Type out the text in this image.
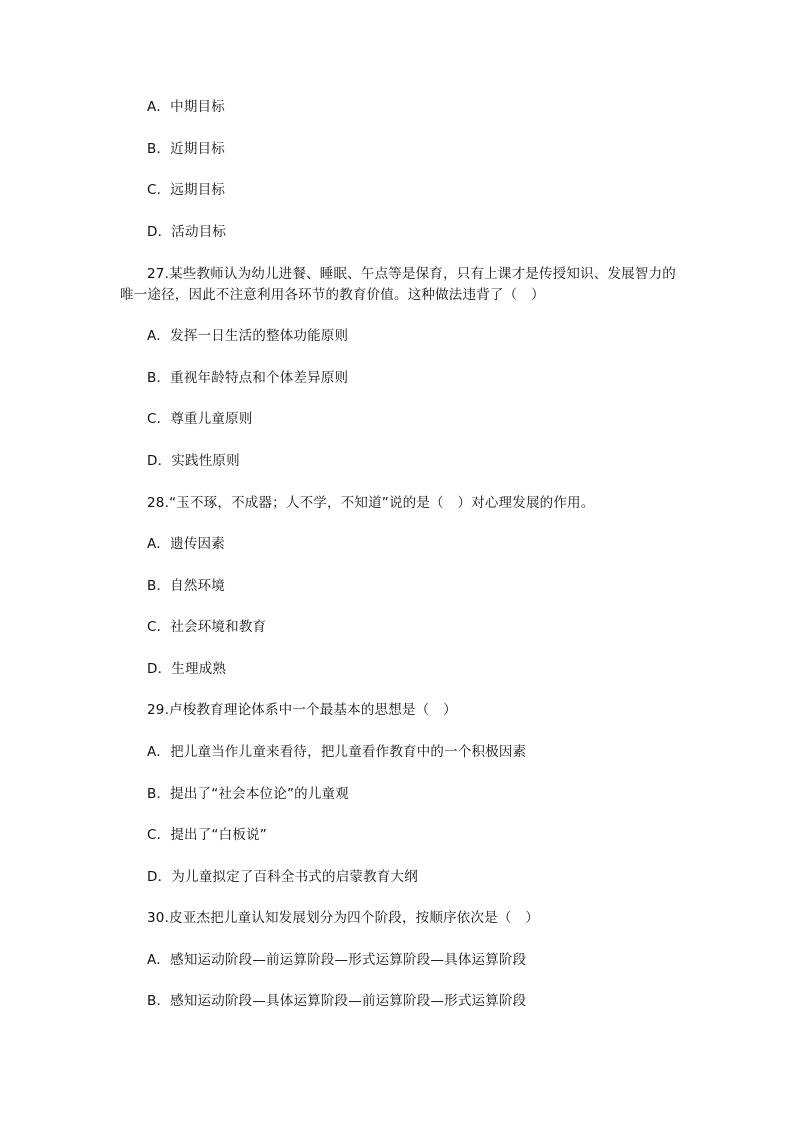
A．中期目标
B．近期目标
C．远期目标
D．活动目标
27.某些教师认为幼儿进餐、睡眠、午点等是保育，只有上课才是传授知识、发展智力的唯一途径，因此不注意利用各环节的教育价值。这种做法违背了（　）
A．发挥一日生活的整体功能原则
B．重视年龄特点和个体差异原则
C．尊重儿童原则
D．实践性原则
28.“玉不琢，不成器；人不学，不知道”说的是（　）对心理发展的作用。
A．遗传因素
B．自然环境
C．社会环境和教育
D．生理成熟
29.卢梭教育理论体系中一个最基本的思想是（　）
A．把儿童当作儿童来看待，把儿童看作教育中的一个积极因素
B．提出了“社会本位论”的儿童观
C．提出了“白板说”
D．为儿童拟定了百科全书式的启蒙教育大纲
30.皮亚杰把儿童认知发展划分为四个阶段，按顺序依次是（　）
A．感知运动阶段—前运算阶段—形式运算阶段—具体运算阶段
B．感知运动阶段—具体运算阶段—前运算阶段—形式运算阶段
